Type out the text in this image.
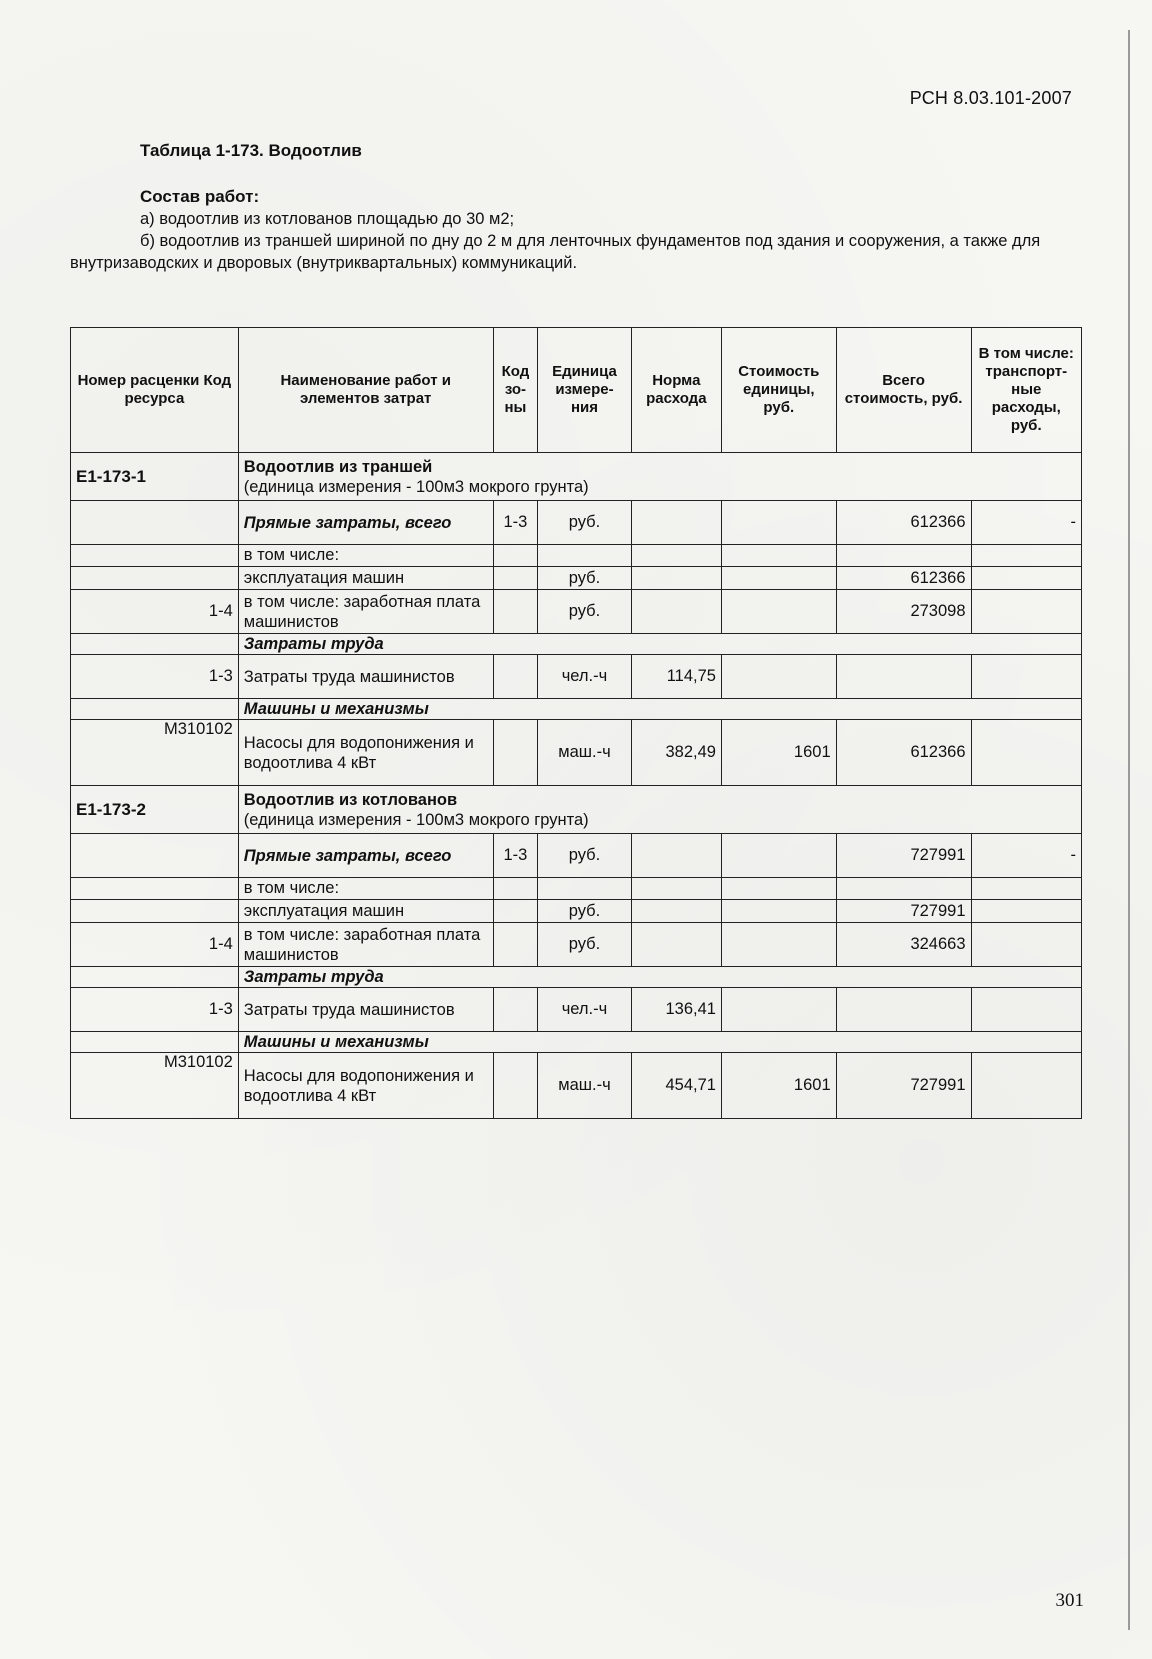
РСН 8.03.101-2007
Таблица 1-173. Водоотлив
Состав работ:
а) водоотлив из котлованов площадью до 30 м2;
б) водоотлив из траншей шириной по дну до 2 м для ленточных фундаментов под здания и сооружения, а также для внутризаводских и дворовых (внутриквартальных) коммуникаций.
Номер расценки Код ресурса	Наименование работ и элементов затрат	Код зо-ны	Единица измере-ния	Норма расхода	Стоимость единицы, руб.	Всего стоимость, руб.	В том числе: транспорт-ные расходы, руб.
Е1-173-1	Водоотлив из траншей
(единица измерения - 100м3 мокрого грунта)						

	Прямые затраты, всего	1-3	руб.			612366	-
	в том числе:						
	эксплуатация машин		руб.			612366	
1-4	в том числе: заработная плата машинистов		руб.			273098	
	Затраты труда						
1-3	Затраты труда машинистов		чел.-ч	114,75			
	Машины и механизмы						
М310102	Насосы для водопонижения и водоотлива 4 кВт		маш.-ч	382,49	1601	612366	
Е1-173-2	Водоотлив из котлованов
(единица измерения - 100м3 мокрого грунта)						

	Прямые затраты, всего	1-3	руб.			727991	-
	в том числе:						
	эксплуатация машин		руб.			727991	
1-4	в том числе: заработная плата машинистов		руб.			324663	
	Затраты труда						
1-3	Затраты труда машинистов		чел.-ч	136,41			
	Машины и механизмы						
М310102	Насосы для водопонижения и водоотлива 4 кВт		маш.-ч	454,71	1601	727991	
301
